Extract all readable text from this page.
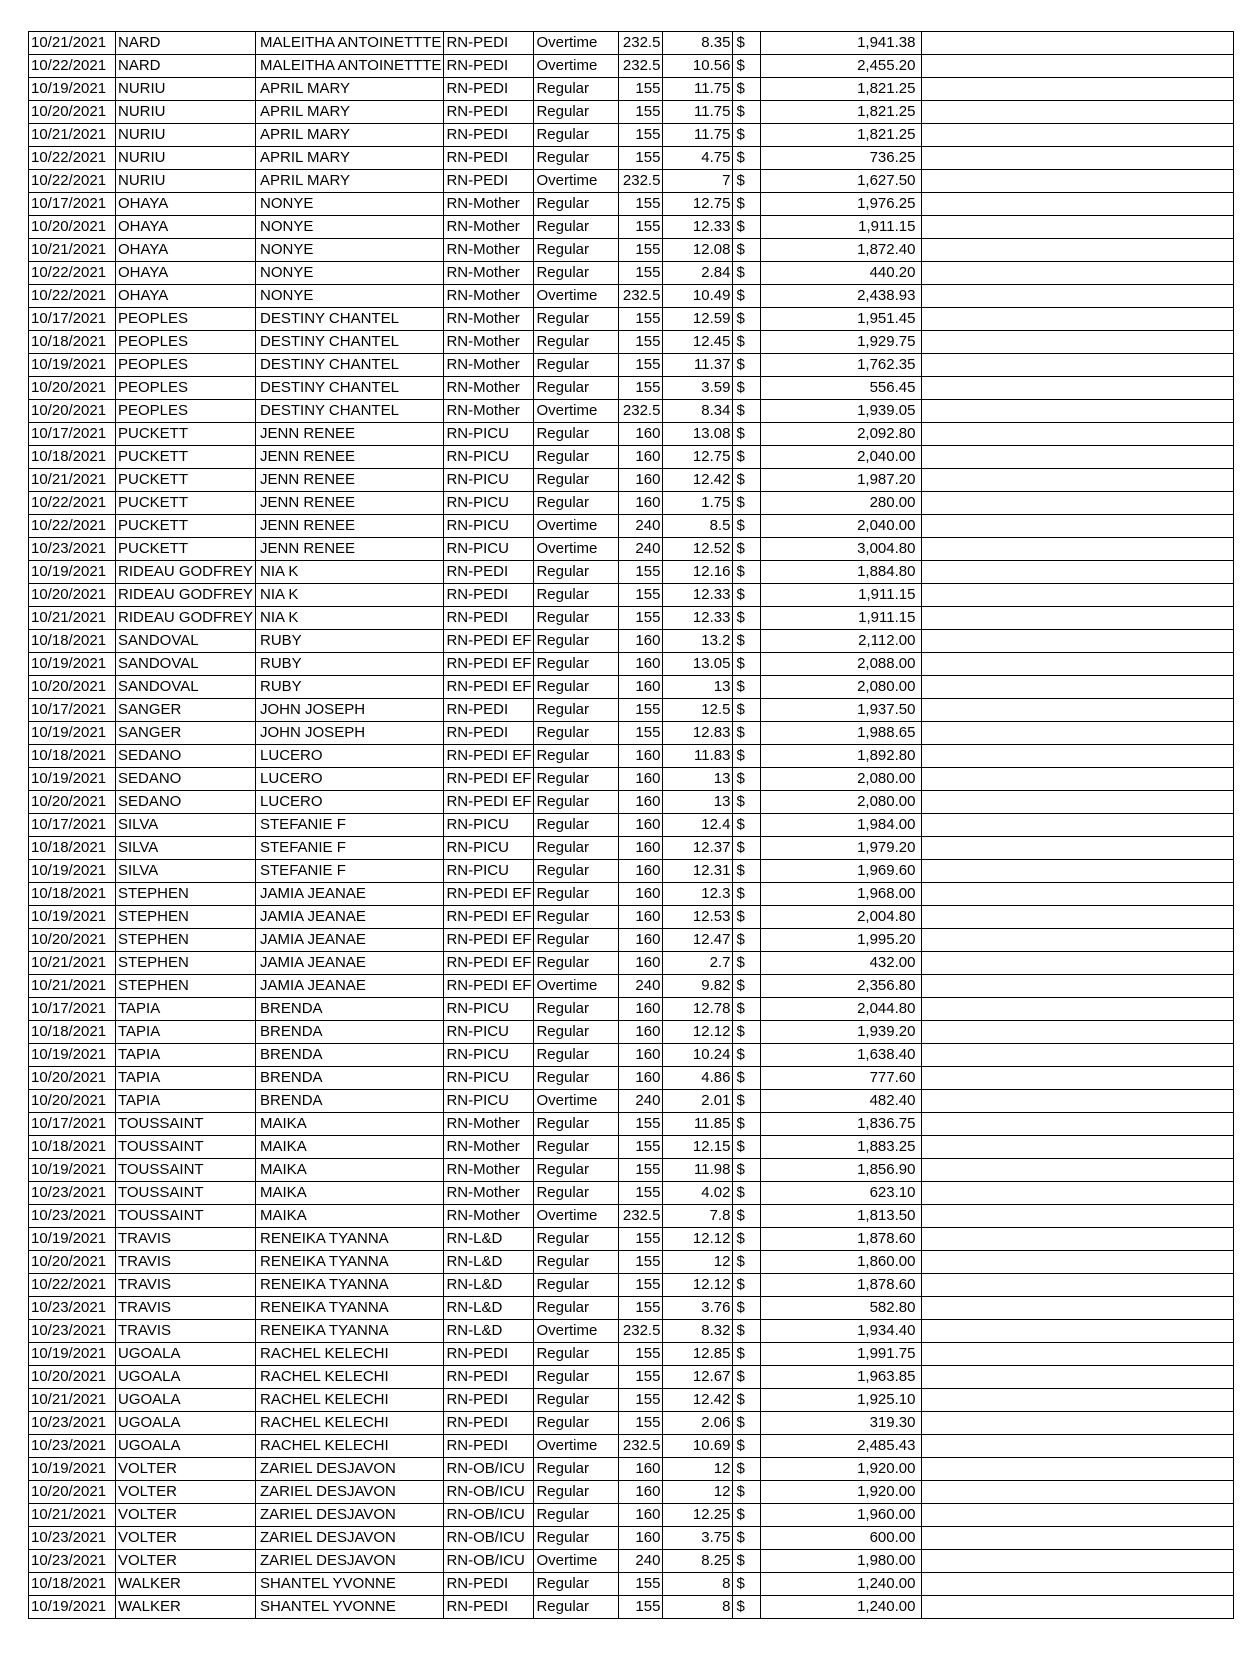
10/21/2021	NARD	MALEITHA ANTOINETTTE	RN-PEDI	Overtime	232.5	8.35	$	1,941.38	
10/22/2021	NARD	MALEITHA ANTOINETTTE	RN-PEDI	Overtime	232.5	10.56	$	2,455.20	
10/19/2021	NURIU	APRIL MARY	RN-PEDI	Regular	155	11.75	$	1,821.25	
10/20/2021	NURIU	APRIL MARY	RN-PEDI	Regular	155	11.75	$	1,821.25	
10/21/2021	NURIU	APRIL MARY	RN-PEDI	Regular	155	11.75	$	1,821.25	
10/22/2021	NURIU	APRIL MARY	RN-PEDI	Regular	155	4.75	$	736.25	
10/22/2021	NURIU	APRIL MARY	RN-PEDI	Overtime	232.5	7	$	1,627.50	
10/17/2021	OHAYA	NONYE	RN-Mother	Regular	155	12.75	$	1,976.25	
10/20/2021	OHAYA	NONYE	RN-Mother	Regular	155	12.33	$	1,911.15	
10/21/2021	OHAYA	NONYE	RN-Mother	Regular	155	12.08	$	1,872.40	
10/22/2021	OHAYA	NONYE	RN-Mother	Regular	155	2.84	$	440.20	
10/22/2021	OHAYA	NONYE	RN-Mother	Overtime	232.5	10.49	$	2,438.93	
10/17/2021	PEOPLES	DESTINY CHANTEL	RN-Mother	Regular	155	12.59	$	1,951.45	
10/18/2021	PEOPLES	DESTINY CHANTEL	RN-Mother	Regular	155	12.45	$	1,929.75	
10/19/2021	PEOPLES	DESTINY CHANTEL	RN-Mother	Regular	155	11.37	$	1,762.35	
10/20/2021	PEOPLES	DESTINY CHANTEL	RN-Mother	Regular	155	3.59	$	556.45	
10/20/2021	PEOPLES	DESTINY CHANTEL	RN-Mother	Overtime	232.5	8.34	$	1,939.05	
10/17/2021	PUCKETT	JENN RENEE	RN-PICU	Regular	160	13.08	$	2,092.80	
10/18/2021	PUCKETT	JENN RENEE	RN-PICU	Regular	160	12.75	$	2,040.00	
10/21/2021	PUCKETT	JENN RENEE	RN-PICU	Regular	160	12.42	$	1,987.20	
10/22/2021	PUCKETT	JENN RENEE	RN-PICU	Regular	160	1.75	$	280.00	
10/22/2021	PUCKETT	JENN RENEE	RN-PICU	Overtime	240	8.5	$	2,040.00	
10/23/2021	PUCKETT	JENN RENEE	RN-PICU	Overtime	240	12.52	$	3,004.80	
10/19/2021	RIDEAU GODFREY	NIA K	RN-PEDI	Regular	155	12.16	$	1,884.80	
10/20/2021	RIDEAU GODFREY	NIA K	RN-PEDI	Regular	155	12.33	$	1,911.15	
10/21/2021	RIDEAU GODFREY	NIA K	RN-PEDI	Regular	155	12.33	$	1,911.15	
10/18/2021	SANDOVAL	RUBY	RN-PEDI EF	Regular	160	13.2	$	2,112.00	
10/19/2021	SANDOVAL	RUBY	RN-PEDI EF	Regular	160	13.05	$	2,088.00	
10/20/2021	SANDOVAL	RUBY	RN-PEDI EF	Regular	160	13	$	2,080.00	
10/17/2021	SANGER	JOHN JOSEPH	RN-PEDI	Regular	155	12.5	$	1,937.50	
10/19/2021	SANGER	JOHN JOSEPH	RN-PEDI	Regular	155	12.83	$	1,988.65	
10/18/2021	SEDANO	LUCERO	RN-PEDI EF	Regular	160	11.83	$	1,892.80	
10/19/2021	SEDANO	LUCERO	RN-PEDI EF	Regular	160	13	$	2,080.00	
10/20/2021	SEDANO	LUCERO	RN-PEDI EF	Regular	160	13	$	2,080.00	
10/17/2021	SILVA	STEFANIE F	RN-PICU	Regular	160	12.4	$	1,984.00	
10/18/2021	SILVA	STEFANIE F	RN-PICU	Regular	160	12.37	$	1,979.20	
10/19/2021	SILVA	STEFANIE F	RN-PICU	Regular	160	12.31	$	1,969.60	
10/18/2021	STEPHEN	JAMIA JEANAE	RN-PEDI EF	Regular	160	12.3	$	1,968.00	
10/19/2021	STEPHEN	JAMIA JEANAE	RN-PEDI EF	Regular	160	12.53	$	2,004.80	
10/20/2021	STEPHEN	JAMIA JEANAE	RN-PEDI EF	Regular	160	12.47	$	1,995.20	
10/21/2021	STEPHEN	JAMIA JEANAE	RN-PEDI EF	Regular	160	2.7	$	432.00	
10/21/2021	STEPHEN	JAMIA JEANAE	RN-PEDI EF	Overtime	240	9.82	$	2,356.80	
10/17/2021	TAPIA	BRENDA	RN-PICU	Regular	160	12.78	$	2,044.80	
10/18/2021	TAPIA	BRENDA	RN-PICU	Regular	160	12.12	$	1,939.20	
10/19/2021	TAPIA	BRENDA	RN-PICU	Regular	160	10.24	$	1,638.40	
10/20/2021	TAPIA	BRENDA	RN-PICU	Regular	160	4.86	$	777.60	
10/20/2021	TAPIA	BRENDA	RN-PICU	Overtime	240	2.01	$	482.40	
10/17/2021	TOUSSAINT	MAIKA	RN-Mother	Regular	155	11.85	$	1,836.75	
10/18/2021	TOUSSAINT	MAIKA	RN-Mother	Regular	155	12.15	$	1,883.25	
10/19/2021	TOUSSAINT	MAIKA	RN-Mother	Regular	155	11.98	$	1,856.90	
10/23/2021	TOUSSAINT	MAIKA	RN-Mother	Regular	155	4.02	$	623.10	
10/23/2021	TOUSSAINT	MAIKA	RN-Mother	Overtime	232.5	7.8	$	1,813.50	
10/19/2021	TRAVIS	RENEIKA TYANNA	RN-L&D	Regular	155	12.12	$	1,878.60	
10/20/2021	TRAVIS	RENEIKA TYANNA	RN-L&D	Regular	155	12	$	1,860.00	
10/22/2021	TRAVIS	RENEIKA TYANNA	RN-L&D	Regular	155	12.12	$	1,878.60	
10/23/2021	TRAVIS	RENEIKA TYANNA	RN-L&D	Regular	155	3.76	$	582.80	
10/23/2021	TRAVIS	RENEIKA TYANNA	RN-L&D	Overtime	232.5	8.32	$	1,934.40	
10/19/2021	UGOALA	RACHEL KELECHI	RN-PEDI	Regular	155	12.85	$	1,991.75	
10/20/2021	UGOALA	RACHEL KELECHI	RN-PEDI	Regular	155	12.67	$	1,963.85	
10/21/2021	UGOALA	RACHEL KELECHI	RN-PEDI	Regular	155	12.42	$	1,925.10	
10/23/2021	UGOALA	RACHEL KELECHI	RN-PEDI	Regular	155	2.06	$	319.30	
10/23/2021	UGOALA	RACHEL KELECHI	RN-PEDI	Overtime	232.5	10.69	$	2,485.43	
10/19/2021	VOLTER	ZARIEL DESJAVON	RN-OB/ICU	Regular	160	12	$	1,920.00	
10/20/2021	VOLTER	ZARIEL DESJAVON	RN-OB/ICU	Regular	160	12	$	1,920.00	
10/21/2021	VOLTER	ZARIEL DESJAVON	RN-OB/ICU	Regular	160	12.25	$	1,960.00	
10/23/2021	VOLTER	ZARIEL DESJAVON	RN-OB/ICU	Regular	160	3.75	$	600.00	
10/23/2021	VOLTER	ZARIEL DESJAVON	RN-OB/ICU	Overtime	240	8.25	$	1,980.00	
10/18/2021	WALKER	SHANTEL YVONNE	RN-PEDI	Regular	155	8	$	1,240.00	
10/19/2021	WALKER	SHANTEL YVONNE	RN-PEDI	Regular	155	8	$	1,240.00	
